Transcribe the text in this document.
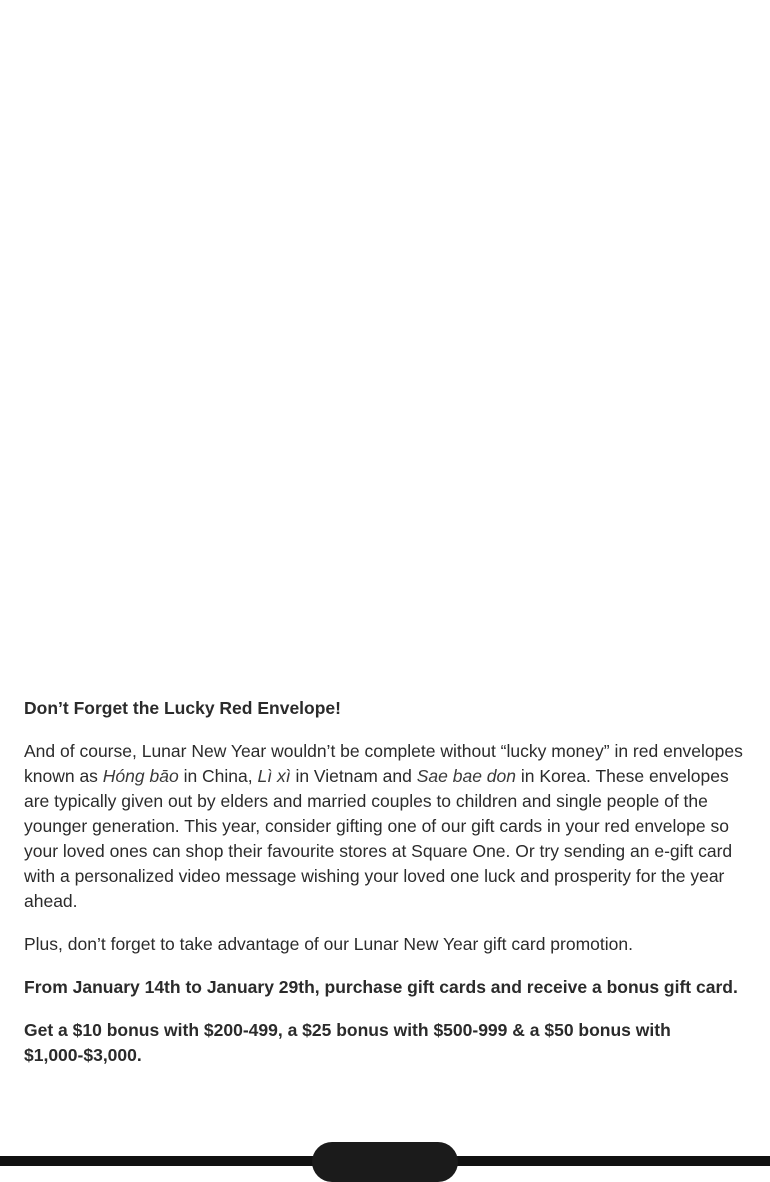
Don’t Forget the Lucky Red Envelope!

And of course, Lunar New Year wouldn’t be complete without “lucky money” in red envelopes known as Hóng bāo in China, Lì xì in Vietnam and Sae bae don in Korea. These envelopes are typically given out by elders and married couples to children and single people of the younger generation. This year, consider gifting one of our gift cards in your red envelope so your loved ones can shop their favourite stores at Square One. Or try sending an e-gift card with a personalized video message wishing your loved one luck and prosperity for the year ahead.

Plus, don’t forget to take advantage of our Lunar New Year gift card promotion.

From January 14th to January 29th, purchase gift cards and receive a bonus gift card.

Get a $10 bonus with $200-499, a $25 bonus with $500-999 & a $50 bonus with $1,000-$3,000.
